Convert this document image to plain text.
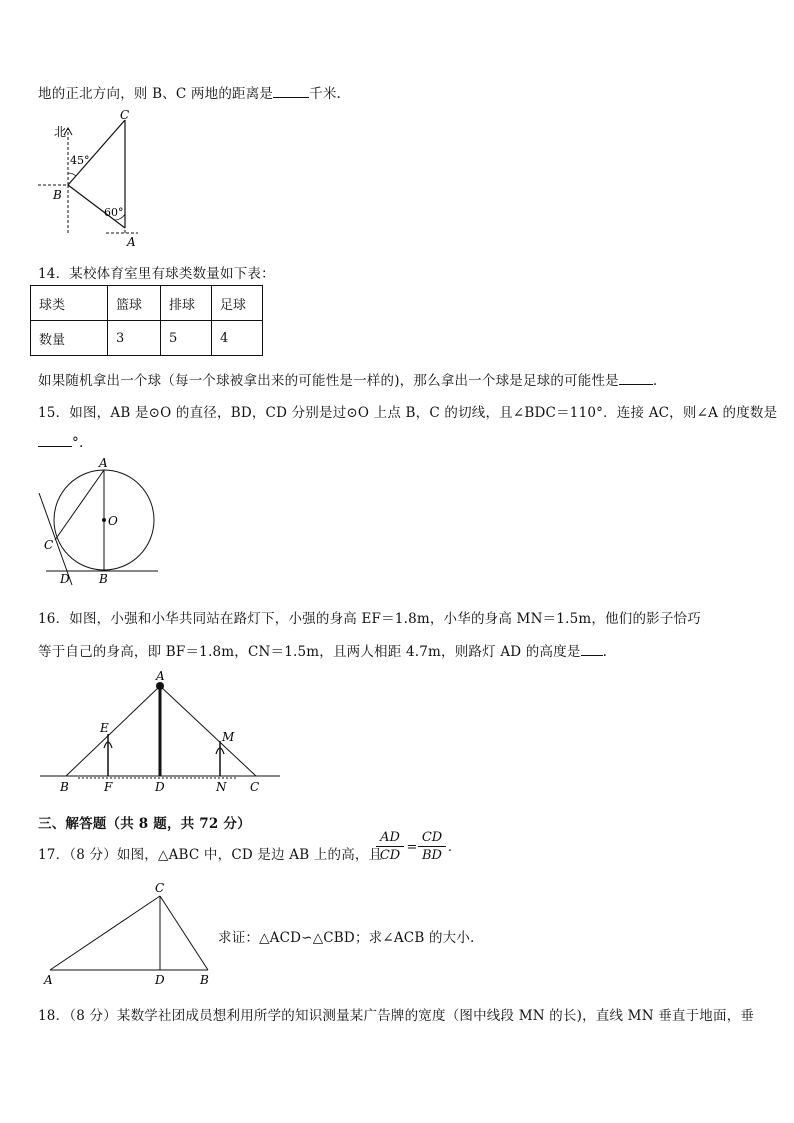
地的正北方向，则 B、C 两地的距离是	千米.
北
45°
60°
C
B
A
14．某校体育室里有球类数量如下表：
球类	篮球	排球	足球
数量	3	5	4
如果随机拿出一个球（每一个球被拿出来的可能性是一样的)，那么拿出一个球是足球的可能性是	.
15．如图，AB 是⊙O 的直径，BD，CD 分别是过⊙O 上点 B，C 的切线，且∠BDC＝110°．连接 AC，则∠A 的度数是
°.
A
O
C
D B
16．如图，小强和小华共同站在路灯下，小强的身高 EF＝1.8m，小华的身高 MN＝1.5m，他们的影子恰巧
等于自己的身高，即 BF＝1.8m，CN＝1.5m，且两人相距 4.7m，则路灯 AD 的高度是 .
A
E
M
B	F	D	N C
三、解答题（共 8 题，共 72 分）
17．（8 分）如图，△ABC 中，CD 是边 AB 上的高，且
$\frac{AD}{CD} = \frac{CD}{BD}$ .
C
A	D	B
求证：△ACD∽△CBD；求∠ACB 的大小.
18．（8 分）某数学社团成员想利用所学的知识测量某广告牌的宽度（图中线段 MN 的长)，直线 MN 垂直于地面，垂
